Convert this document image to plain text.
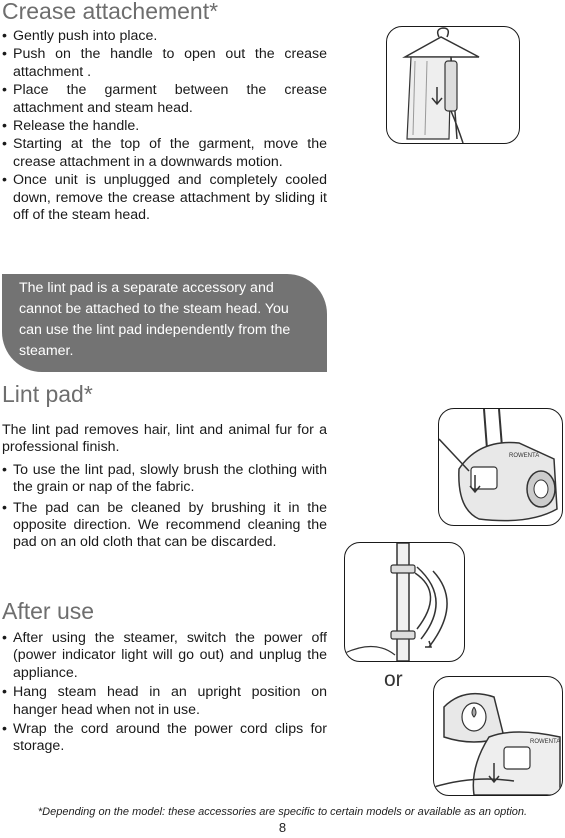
Crease attachement*
• Gently push into place.
• Push on the handle to open out the crease attachment .
• Place the garment between the crease attachment and steam head.
• Release the handle.
• Starting at the top of the garment, move the crease attachment in a downwards motion.
• Once unit is unplugged and completely cooled down, remove the crease attachment by sliding it off of the steam head.
The lint pad is a separate accessory and cannot be attached to the steam head. You can use the lint pad independently from the steamer.
Lint pad*

The lint pad removes hair, lint and animal fur for a professional finish.

• To use the lint pad, slowly brush the clothing with the grain or nap of the fabric.
• The pad can be cleaned by brushing it in the opposite direction. We recommend cleaning the pad on an old cloth that can be discarded.
After use
• After using the steamer, switch the power off (power indicator light will go out) and unplug the appliance.
• Hang steam head in an upright position on hanger head when not in use.
• Wrap the cord around the power cord clips for storage.
ROWENTA
or
ROWENTA
*Depending on the model: these accessories are specific to certain models or available as an option.
8
